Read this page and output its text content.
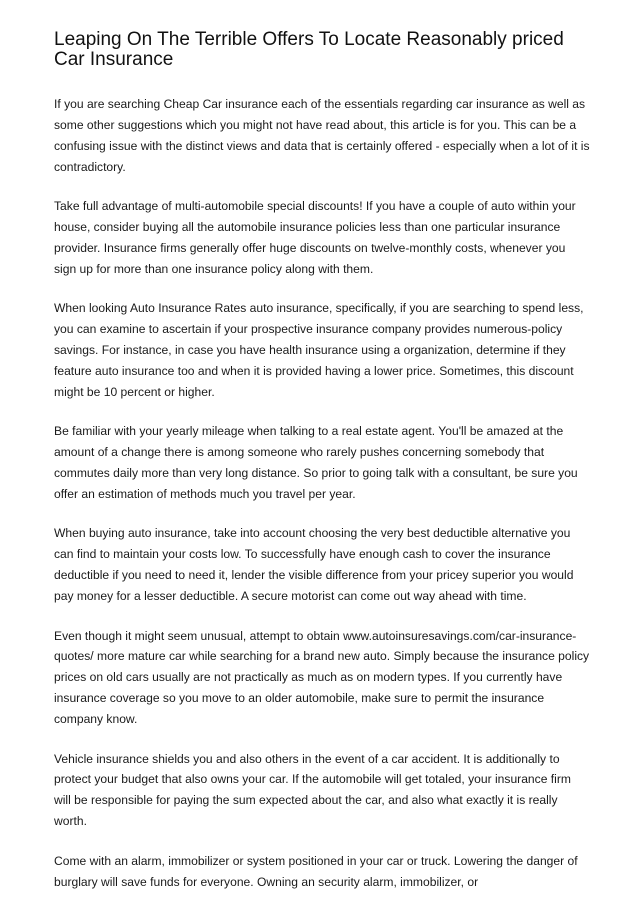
Leaping On The Terrible Offers To Locate Reasonably priced Car Insurance

If you are searching Cheap Car insurance each of the essentials regarding car insurance as well as some other suggestions which you might not have read about, this article is for you. This can be a confusing issue with the distinct views and data that is certainly offered - especially when a lot of it is contradictory.

Take full advantage of multi-automobile special discounts! If you have a couple of auto within your house, consider buying all the automobile insurance policies less than one particular insurance provider. Insurance firms generally offer huge discounts on twelve-monthly costs, whenever you sign up for more than one insurance policy along with them.

When looking Auto Insurance Rates auto insurance, specifically, if you are searching to spend less, you can examine to ascertain if your prospective insurance company provides numerous-policy savings. For instance, in case you have health insurance using a organization, determine if they feature auto insurance too and when it is provided having a lower price. Sometimes, this discount might be 10 percent or higher.

Be familiar with your yearly mileage when talking to a real estate agent. You'll be amazed at the amount of a change there is among someone who rarely pushes concerning somebody that commutes daily more than very long distance. So prior to going talk with a consultant, be sure you offer an estimation of methods much you travel per year.

When buying auto insurance, take into account choosing the very best deductible alternative you can find to maintain your costs low. To successfully have enough cash to cover the insurance deductible if you need to need it, lender the visible difference from your pricey superior you would pay money for a lesser deductible. A secure motorist can come out way ahead with time.

Even though it might seem unusual, attempt to obtain www.autoinsuresavings.com/car-insurance-quotes/ more mature car while searching for a brand new auto. Simply because the insurance policy prices on old cars usually are not practically as much as on modern types. If you currently have insurance coverage so you move to an older automobile, make sure to permit the insurance company know.

Vehicle insurance shields you and also others in the event of a car accident. It is additionally to protect your budget that also owns your car. If the automobile will get totaled, your insurance firm will be responsible for paying the sum expected about the car, and also what exactly it is really worth.

Come with an alarm, immobilizer or system positioned in your car or truck. Lowering the danger of burglary will save funds for everyone. Owning an security alarm, immobilizer, or
